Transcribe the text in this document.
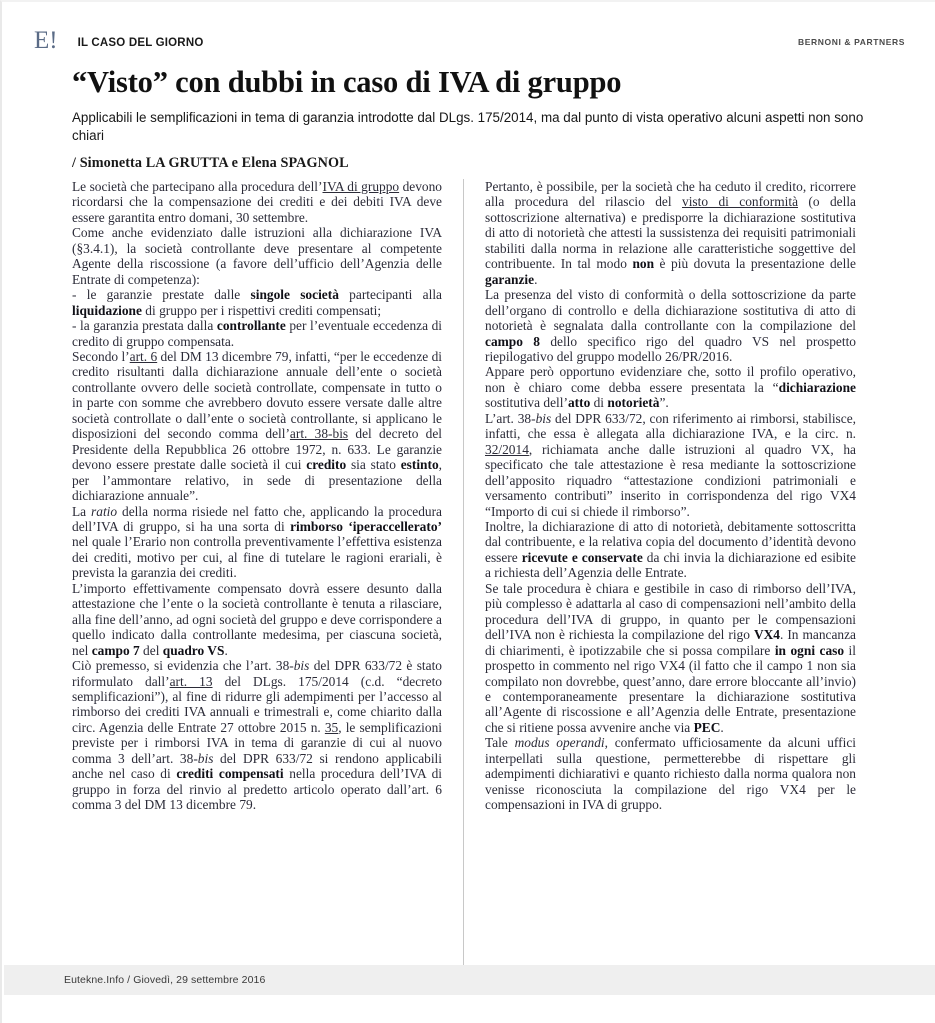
E! IL CASO DEL GIORNO	BERNONI & PARTNERS
“Visto” con dubbi in caso di IVA di gruppo
Applicabili le semplificazioni in tema di garanzia introdotte dal DLgs. 175/2014, ma dal punto di vista operativo alcuni aspetti non sono chiari
/ Simonetta LA GRUTTA e Elena SPAGNOL

Le società che partecipano alla procedura dell’IVA di gruppo devono ricordarsi che la compensazione dei crediti e dei debiti IVA deve essere garantita entro domani, 30 settembre.

Come anche evidenziato dalle istruzioni alla dichiarazione IVA (§3.4.1), la società controllante deve presentare al competente Agente della riscossione (a favore dell’ufficio dell’Agenzia delle Entrate di competenza):

- le garanzie prestate dalle singole società partecipanti alla liquidazione di gruppo per i rispettivi crediti compensati;

- la garanzia prestata dalla controllante per l’eventuale eccedenza di credito di gruppo compensata.

Secondo l’art. 6 del DM 13 dicembre 79, infatti, “per le eccedenze di credito risultanti dalla dichiarazione annuale dell’ente o società controllante ovvero delle società controllate, compensate in tutto o in parte con somme che avrebbero dovuto essere versate dalle altre società controllate o dall’ente o società controllante, si applicano le disposizioni del secondo comma dell’art. 38-bis del decreto del Presidente della Repubblica 26 ottobre 1972, n. 633. Le garanzie devono essere prestate dalle società il cui credito sia stato estinto, per l’ammontare relativo, in sede di presentazione della dichiarazione annuale”.

La ratio della norma risiede nel fatto che, applicando la procedura dell’IVA di gruppo, si ha una sorta di rimborso ‘iperaccellerato’ nel quale l’Erario non controlla preventivamente l’effettiva esistenza dei crediti, motivo per cui, al fine di tutelare le ragioni erariali, è prevista la garanzia dei crediti.

L’importo effettivamente compensato dovrà essere desunto dalla attestazione che l’ente o la società controllante è tenuta a rilasciare, alla fine dell’anno, ad ogni società del gruppo e deve corrispondere a quello indicato dalla controllante medesima, per ciascuna società, nel campo 7 del quadro VS.

Ciò premesso, si evidenzia che l’art. 38-bis del DPR 633/72 è stato riformulato dall’art. 13 del DLgs. 175/2014 (c.d. “decreto semplificazioni”), al fine di ridurre gli adempimenti per l’accesso al rimborso dei crediti IVA annuali e trimestrali e, come chiarito dalla circ. Agenzia delle Entrate 27 ottobre 2015 n. 35, le semplificazioni previste per i rimborsi IVA in tema di garanzie di cui al nuovo comma 3 dell’art. 38-bis del DPR 633/72 si rendono applicabili anche nel caso di crediti compensati nella procedura dell’IVA di gruppo in forza del rinvio al predetto articolo operato dall’art. 6 comma 3 del DM 13 dicembre 79.

Pertanto, è possibile, per la società che ha ceduto il credito, ricorrere alla procedura del rilascio del visto di conformità (o della sottoscrizione alternativa) e predisporre la dichiarazione sostitutiva di atto di notorietà che attesti la sussistenza dei requisiti patrimoniali stabiliti dalla norma in relazione alle caratteristiche soggettive del contribuente. In tal modo non è più dovuta la presentazione delle garanzie.

La presenza del visto di conformità o della sottoscrizione da parte dell’organo di controllo e della dichiarazione sostitutiva di atto di notorietà è segnalata dalla controllante con la compilazione del campo 8 dello specifico rigo del quadro VS nel prospetto riepilogativo del gruppo modello 26/PR/2016.

Appare però opportuno evidenziare che, sotto il profilo operativo, non è chiaro come debba essere presentata la “dichiarazione sostitutiva dell’atto di notorietà”.

L’art. 38-bis del DPR 633/72, con riferimento ai rimborsi, stabilisce, infatti, che essa è allegata alla dichiarazione IVA, e la circ. n. 32/2014, richiamata anche dalle istruzioni al quadro VX, ha specificato che tale attestazione è resa mediante la sottoscrizione dell’apposito riquadro “attestazione condizioni patrimoniali e versamento contributi” inserito in corrispondenza del rigo VX4 “Importo di cui si chiede il rimborso”.

Inoltre, la dichiarazione di atto di notorietà, debitamente sottoscritta dal contribuente, e la relativa copia del documento d’identità devono essere ricevute e conservate da chi invia la dichiarazione ed esibite a richiesta dell’Agenzia delle Entrate.

Se tale procedura è chiara e gestibile in caso di rimborso dell’IVA, più complesso è adattarla al caso di compensazioni nell’ambito della procedura dell’IVA di gruppo, in quanto per le compensazioni dell’IVA non è richiesta la compilazione del rigo VX4. In mancanza di chiarimenti, è ipotizzabile che si possa compilare in ogni caso il prospetto in commento nel rigo VX4 (il fatto che il campo 1 non sia compilato non dovrebbe, quest’anno, dare errore bloccante all’invio) e contemporaneamente presentare la dichiarazione sostitutiva all’Agente di riscossione e all’Agenzia delle Entrate, presentazione che si ritiene possa avvenire anche via PEC.

Tale modus operandi, confermato ufficiosamente da alcuni uffici interpellati sulla questione, permetterebbe di rispettare gli adempimenti dichiarativi e quanto richiesto dalla norma qualora non venisse riconosciuta la compilazione del rigo VX4 per le compensazioni in IVA di gruppo.

Eutekne.Info / Giovedì, 29 settembre 2016
